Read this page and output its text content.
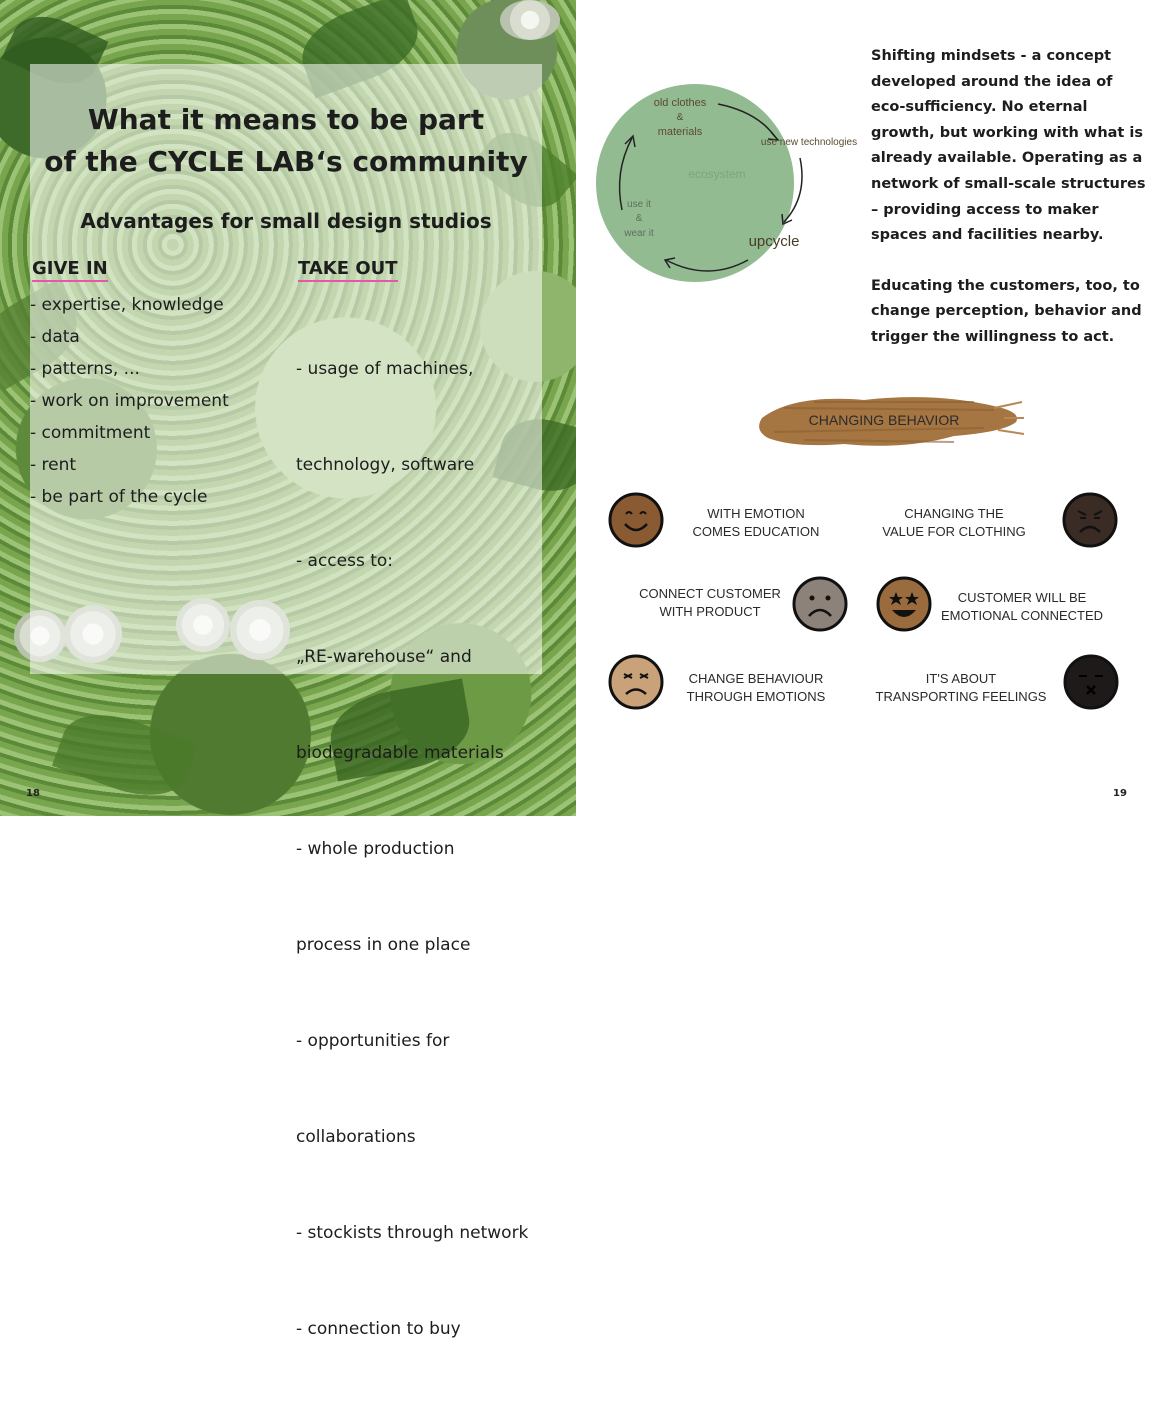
What it means to be part
of the CYCLE LAB‘s community
Advantages for small design studios
GIVE IN	TAKE OUT
- expertise, knowledge
- data
- patterns, ...
- work on improvement
- commitment
- rent
- be part of the cycle

- usage of machines,

technology, software

- access to:

„RE-warehouse“ and

biodegradable materials

- whole production

process in one place

- opportunities for

collaborations

- stockists through network

- connection to buy

18
old clothes
&
materials
use new technologies
ecosystem
use it
&
wear it	upcycle

Shifting mindsets - a concept developed around the idea of eco-sufficiency. No eternal growth, but working with what is already available. Operating as a network of small-scale structures – providing access to maker spaces and facilities nearby.

Educating the customers, too, to change perception, behavior and trigger the willingness to act.

CHANGING BEHAVIOR
WITH EMOTION
COMES EDUCATION
CHANGING THE
VALUE FOR CLOTHING
CONNECT CUSTOMER
WITH PRODUCT
CUSTOMER WILL BE
EMOTIONAL CONNECTED
CHANGE BEHAVIOUR
THROUGH EMOTIONS
IT'S ABOUT
TRANSPORTING FEELINGS
19
